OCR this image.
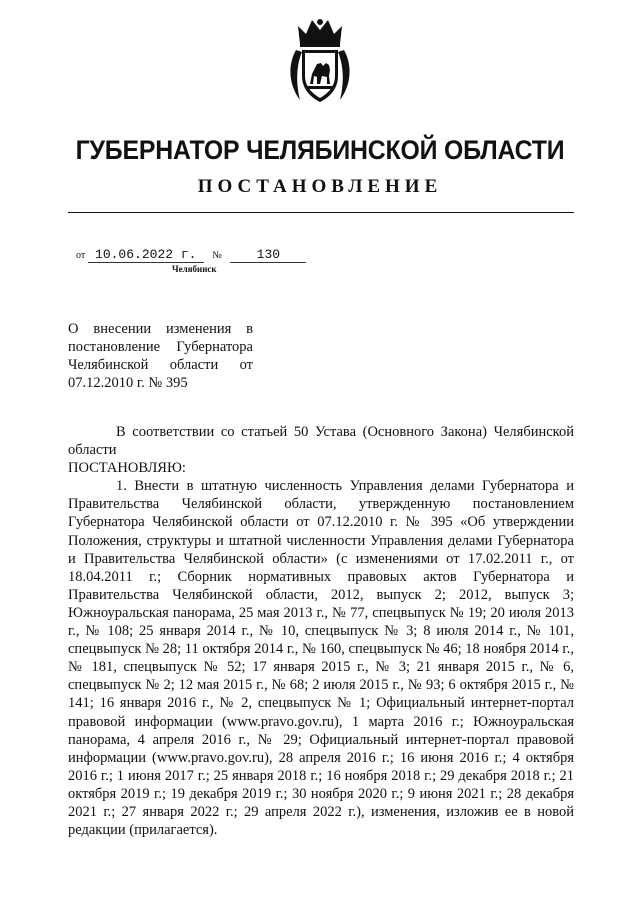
ГУБЕРНАТОР ЧЕЛЯБИНСКОЙ ОБЛАСТИ
ПОСТАНОВЛЕНИЕ
от 10.06.2022 г. №	130
Челябинск
О внесении изменения в постановление Губернатора Челябинской области от 07.12.2010 г. № 395

В соответствии со статьей 50 Устава (Основного Закона) Челябинской области

ПОСТАНОВЛЯЮ:

1. Внести в штатную численность Управления делами Губернатора и Правительства Челябинской области, утвержденную постановлением Губернатора Челябинской области от 07.12.2010 г. № 395 «Об утверждении Положения, структуры и штатной численности Управления делами Губернатора и Правительства Челябинской области» (с изменениями от 17.02.2011 г., от 18.04.2011 г.; Сборник нормативных правовых актов Губернатора и Правительства Челябинской области, 2012, выпуск 2; 2012, выпуск 3; Южноуральская панорама, 25 мая 2013 г., № 77, спецвыпуск № 19; 20 июля 2013 г., № 108; 25 января 2014 г., № 10, спецвыпуск № 3; 8 июля 2014 г., № 101, спецвыпуск № 28; 11 октября 2014 г., № 160, спецвыпуск № 46; 18 ноября 2014 г., № 181, спецвыпуск № 52; 17 января 2015 г., № 3; 21 января 2015 г., № 6, спецвыпуск № 2; 12 мая 2015 г., № 68; 2 июля 2015 г., № 93; 6 октября 2015 г., № 141; 16 января 2016 г., № 2, спецвыпуск № 1; Официальный интернет-портал правовой информации (www.pravo.gov.ru), 1 марта 2016 г.; Южноуральская панорама, 4 апреля 2016 г., № 29; Официальный интернет-портал правовой информации (www.pravo.gov.ru), 28 апреля 2016 г.; 16 июня 2016 г.; 4 октября 2016 г.; 1 июня 2017 г.; 25 января 2018 г.; 16 ноября 2018 г.; 29 декабря 2018 г.; 21 октября 2019 г.; 19 декабря 2019 г.; 30 ноября 2020 г.; 9 июня 2021 г.; 28 декабря 2021 г.; 27 января 2022 г.; 29 апреля 2022 г.), изменения, изложив ее в новой редакции (прилагается).
